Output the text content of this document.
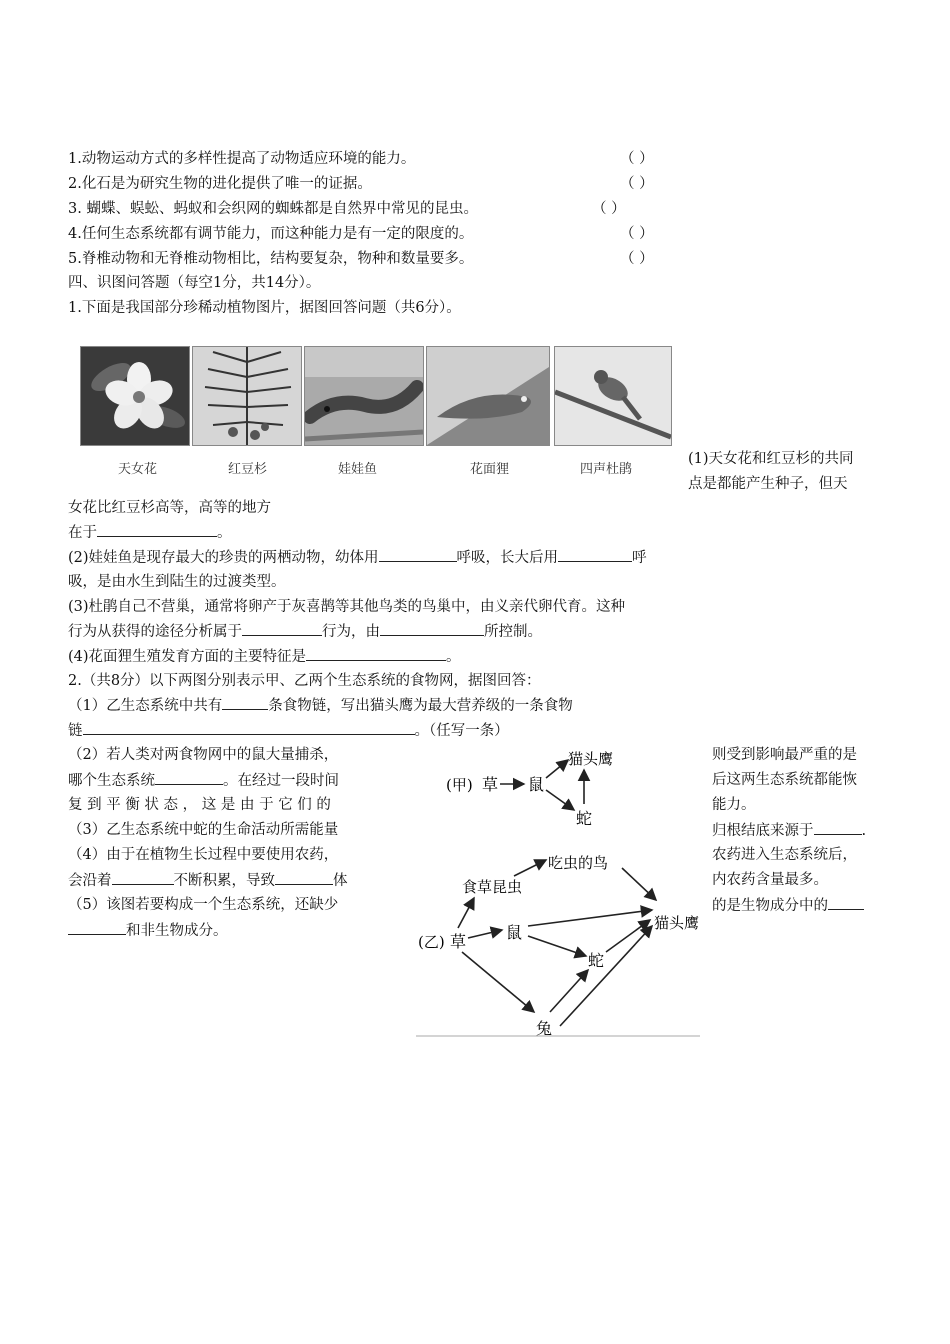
1.动物运动方式的多样性提高了动物适应环境的能力。	（ ）
2.化石是为研究生物的进化提供了唯一的证据。	（ ）
3. 蝴蝶、蜈蚣、蚂蚁和会织网的蜘蛛都是自然界中常见的昆虫。	（ ）
4.任何生态系统都有调节能力，而这种能力是有一定的限度的。	（ ）
5.脊椎动物和无脊椎动物相比，结构要复杂，物种和数量要多。	（ ）
四、识图问答题（每空1分，共14分）。
1.下面是我国部分珍稀动植物图片，据图回答问题（共6分）。
天女花	红豆杉	娃娃鱼	花面狸	四声杜鹃
(1)天女花和红豆杉的共同
点是都能产生种子，但天
女花比红豆杉高等，高等的地方
在于	。
(2)娃娃鱼是现存最大的珍贵的两栖动物，幼体用	呼吸，长大后用	呼
吸，是由水生到陆生的过渡类型。
(3)杜鹃自己不营巢，通常将卵产于灰喜鹊等其他鸟类的鸟巢中，由义亲代卵代育。这种
行为从获得的途径分析属于	行为，由	所控制。
(4)花面狸生殖发育方面的主要特征是	。
2.（共8分）以下两图分别表示甲、乙两个生态系统的食物网，据图回答：
（1）乙生态系统中共有	条食物链，写出猫头鹰为最大营养级的一条食物
链	。（任写一条）
（2）若人类对两食物网中的鼠大量捕杀，
哪个生态系统	。在经过一段时间
复 到 平 衡 状 态 ， 这 是 由 于 它 们 的
（3）乙生态系统中蛇的生命活动所需能量
（4）由于在植物生长过程中要使用农药，
会沿着	不断积累，导致	体
（5）该图若要构成一个生态系统，还缺少
和非生物成分。
则受到影响最严重的是
后这两生态系统都能恢
能力。
归根结底来源于	.
农药进入生态系统后，
内农药含量最多。
的是生物成分中的
(甲) 草 鼠
猫头鹰
蛇
(乙) 草
食草昆虫
吃虫的鸟
鼠	猫头鹰
蛇
兔
